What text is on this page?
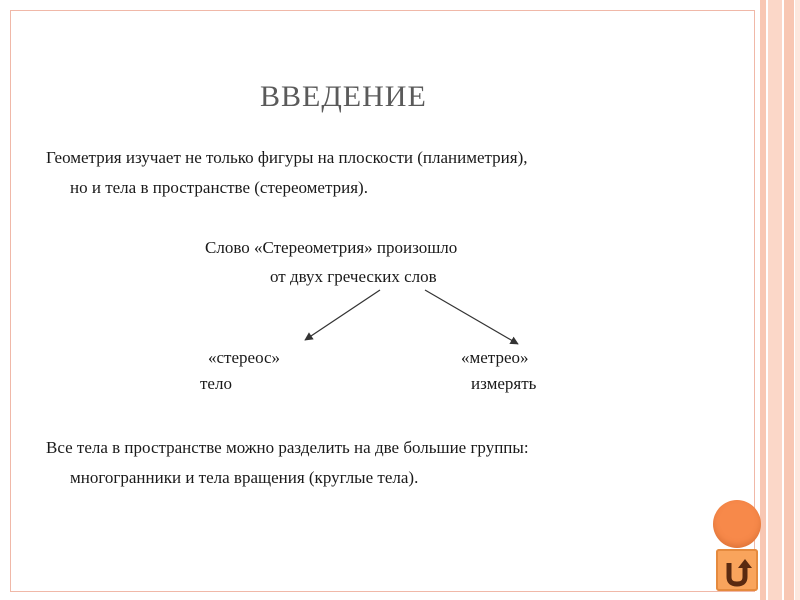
ВВЕДЕНИЕ
Геометрия изучает не только фигуры на плоскости (планиметрия),
но и тела в пространстве (стереометрия).
Слово «Стереометрия» произошло
от двух греческих слов
«стереос»
тело
«метрео»
измерять
Все тела в пространстве можно разделить на две большие группы:
многогранники и тела вращения (круглые тела).
